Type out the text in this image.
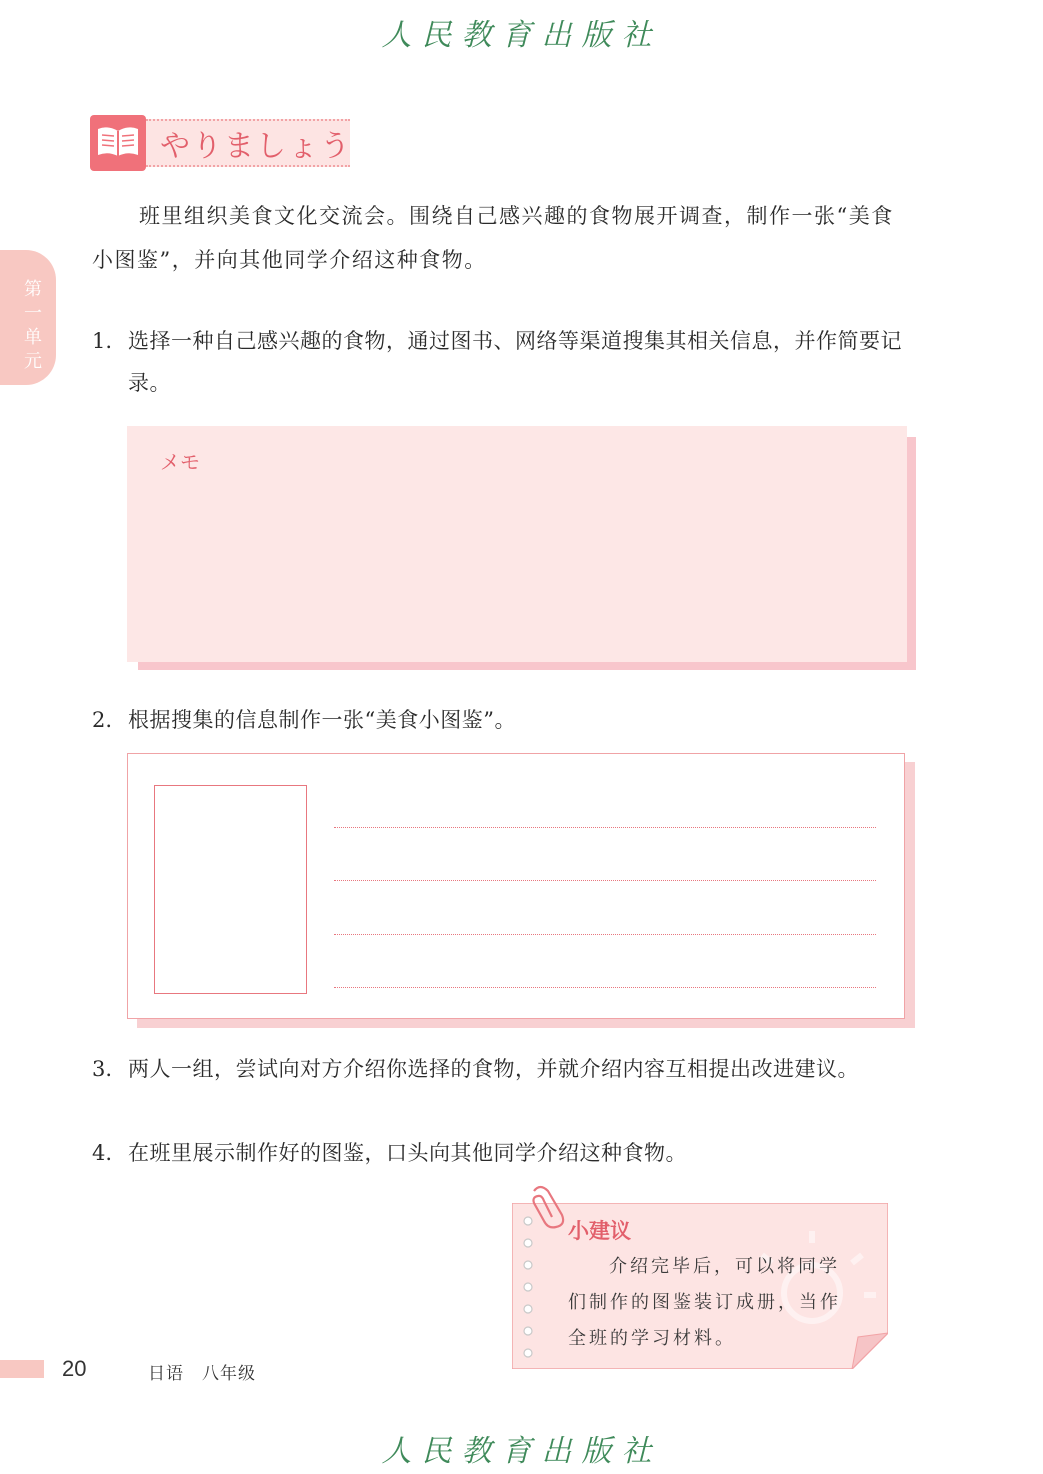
人民教育出版社
第一单元
やりましょう
班里组织美食文化交流会。围绕自己感兴趣的食物展开调查，制作一张“美食小图鉴”，并向其他同学介绍这种食物。
1. 选择一种自己感兴趣的食物，通过图书、网络等渠道搜集其相关信息，并作简要记录。
メモ
2. 根据搜集的信息制作一张“美食小图鉴”。
3. 两人一组，尝试向对方介绍你选择的食物，并就介绍内容互相提出改进建议。
4. 在班里展示制作好的图鉴，口头向其他同学介绍这种食物。
小建议
介绍完毕后，可以将同学们制作的图鉴装订成册，当作全班的学习材料。
20	日语　八年级
人民教育出版社
